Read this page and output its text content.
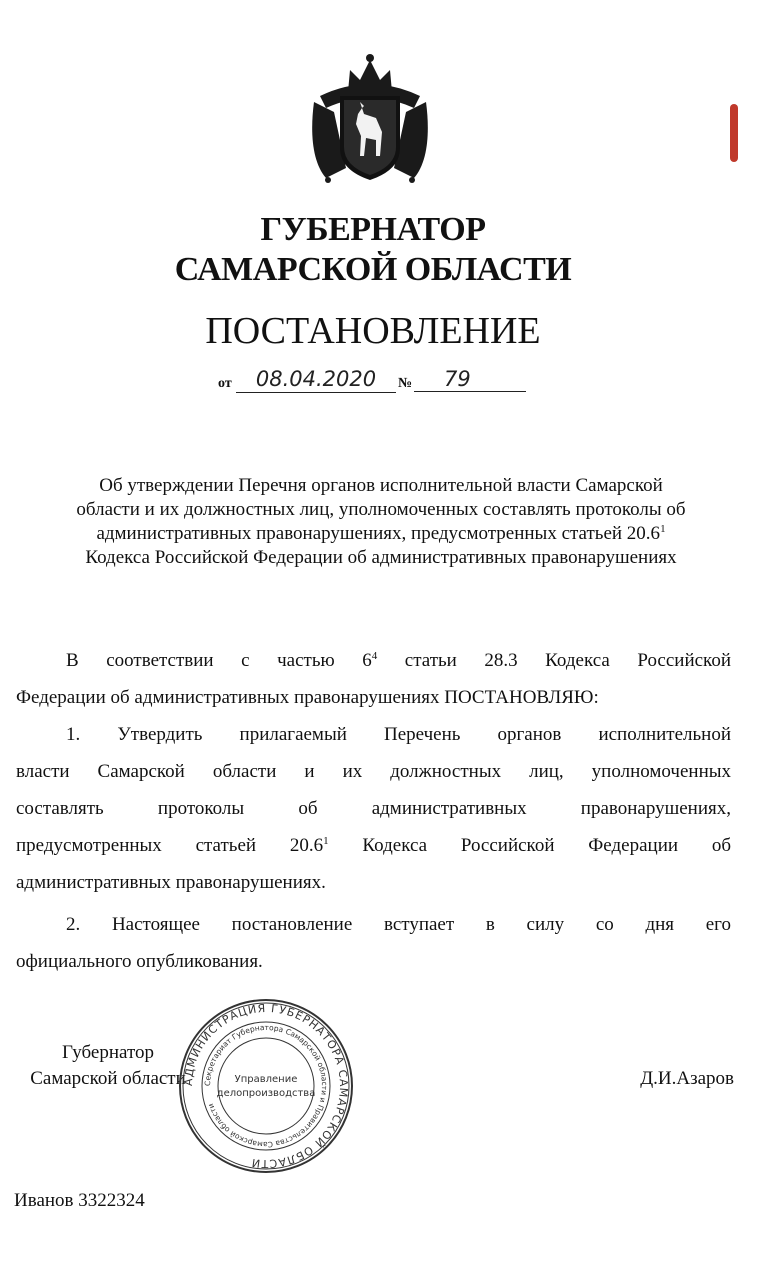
ГУБЕРНАТОР
САМАРСКОЙ ОБЛАСТИ
ПОСТАНОВЛЕНИЕ
от	08.04.2020	№	79
Об утверждении Перечня органов исполнительной власти Самарской
области и их должностных лиц, уполномоченных составлять протоколы об
административных правонарушениях, предусмотренных статьей 20.6$^1$
Кодекса Российской Федерации об административных правонарушениях
В соответствии с частью $6^4$ статьи 28.3 Кодекса Российской
Федерации об административных правонарушениях ПОСТАНОВЛЯЮ:
1. Утвердить прилагаемый Перечень органов исполнительной
власти Самарской области и их должностных лиц, уполномоченных
составлять протоколы об административных правонарушениях,
предусмотренных статьей 20.6$^1$ Кодекса Российской Федерации об
административных правонарушениях.
2. Настоящее постановление вступает в силу со дня его
официального опубликования.
Губернатор
Самарской области
АДМИНИСТРАЦИЯ ГУБЕРНАТОРА САМАРСКОЙ ОБЛАСТИ
Секретариат Губернатора Самарской области и Правительства Самарской области
Управление
делопроизводства
Д.И.Азаров
Иванов 3322324
